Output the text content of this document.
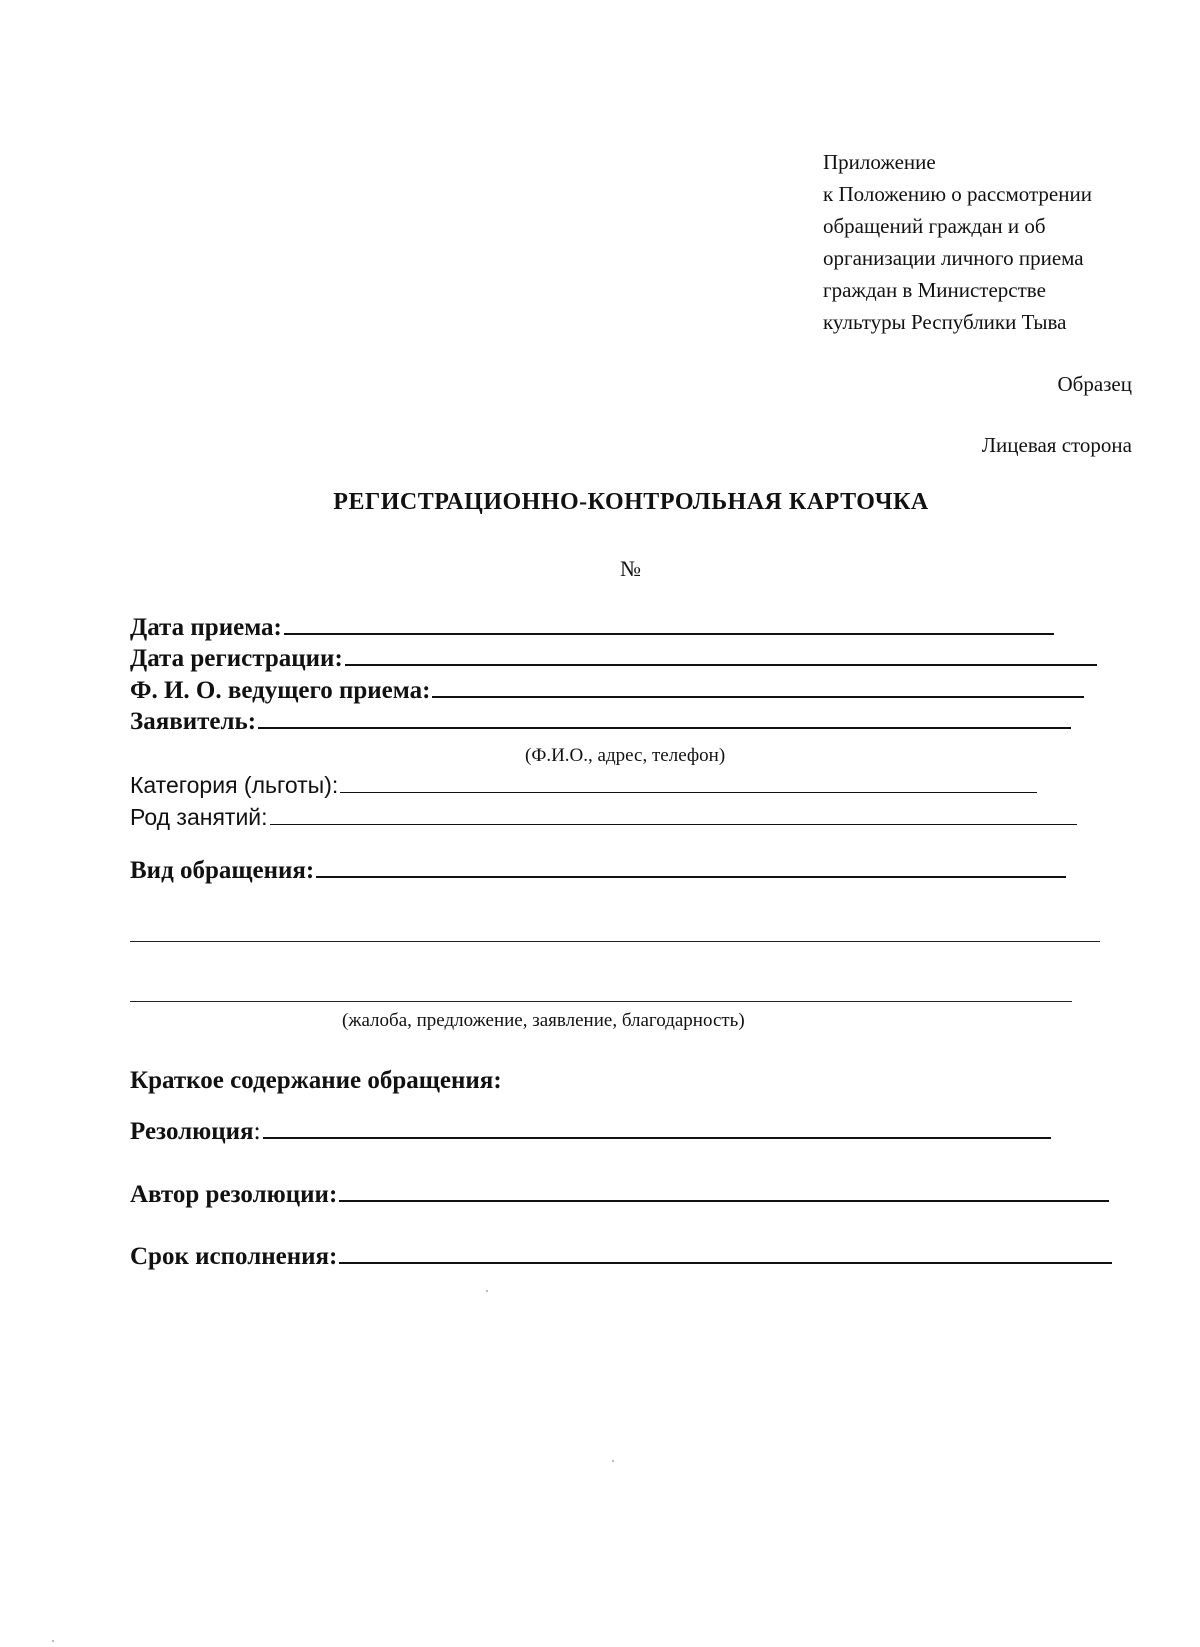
Приложение
к Положению о рассмотрении
обращений граждан и об
организации личного приема
граждан в Министерстве
культуры Республики Тыва
Образец
Лицевая сторона
РЕГИСТРАЦИОННО-КОНТРОЛЬНАЯ КАРТОЧКА
№
Дата приема:
Дата регистрации:
Ф. И. О. ведущего приема:
Заявитель:
(Ф.И.О., адрес, телефон)
Категория (льготы):
Род занятий:
Вид обращения:
(жалоба, предложение, заявление, благодарность)
Краткое содержание обращения:
Резолюция:
Автор резолюции:
Срок исполнения:
